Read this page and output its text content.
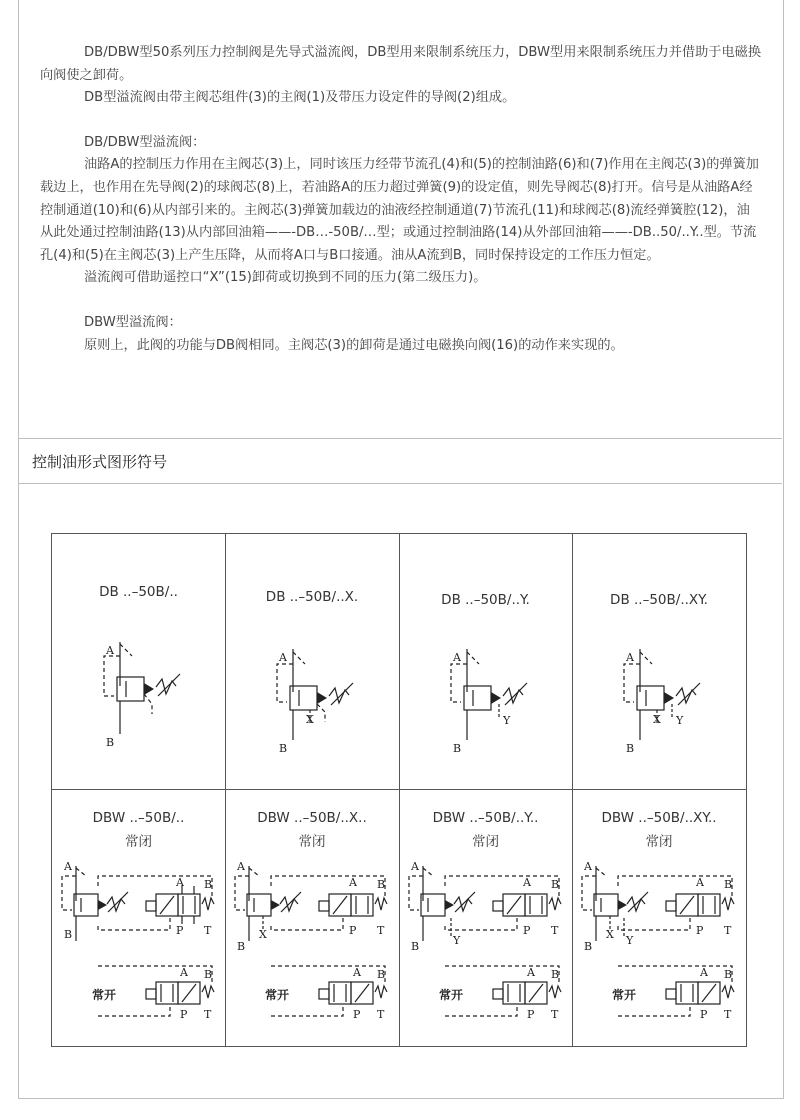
DB/DBW型50系列压力控制阀是先导式溢流阀，DB型用来限制系统压力，DBW型用来限制系统压力并借助于电磁换向阀使之卸荷。

DB型溢流阀由带主阀芯组件(3)的主阀(1)及带压力设定件的导阀(2)组成。

DB/DBW型溢流阀：

油路A的控制压力作用在主阀芯(3)上，同时该压力经带节流孔(4)和(5)的控制油路(6)和(7)作用在主阀芯(3)的弹簧加载边上，也作用在先导阀(2)的球阀芯(8)上，若油路A的压力超过弹簧(9)的设定值，则先导阀芯(8)打开。信号是从油路A经控制通道(10)和(6)从内部引来的。主阀芯(3)弹簧加载边的油液经控制通道(7)节流孔(11)和球阀芯(8)流经弹簧腔(12)，油从此处通过控制油路(13)从内部回油箱——-DB…-50B/…型；或通过控制油路(14)从外部回油箱——-DB..50/..Y..型。节流孔(4)和(5)在主阀芯(3)上产生压降，从而将A口与B口接通。油从A流到B，同时保持设定的工作压力恒定。

溢流阀可借助遥控口“X”(15)卸荷或切换到不同的压力(第二级压力)。

DBW型溢流阀：

原则上，此阀的功能与DB阀相同。主阀芯(3)的卸荷是通过电磁换向阀(16)的动作来实现的。

控制油形式图形符号
DB ..–50B/..
A
B
DB ..–50B/..X.
A
X
B
DB ..–50B/..Y.
A
Y
B
DB ..–50B/..XY.
A
X Y
B
DBW ..–50B/..
常闭
A
B
A B
P T
A B
P T
常开
DBW ..–50B/..X..
常闭
A
X
B
A B
P T
A B
P T
常开
DBW ..–50B/..Y..
常闭
A
Y
B
A B
P T
A B
P T
常开
DBW ..–50B/..XY..
常闭
A
X Y
B
A B
P T
A B
P T
常开
